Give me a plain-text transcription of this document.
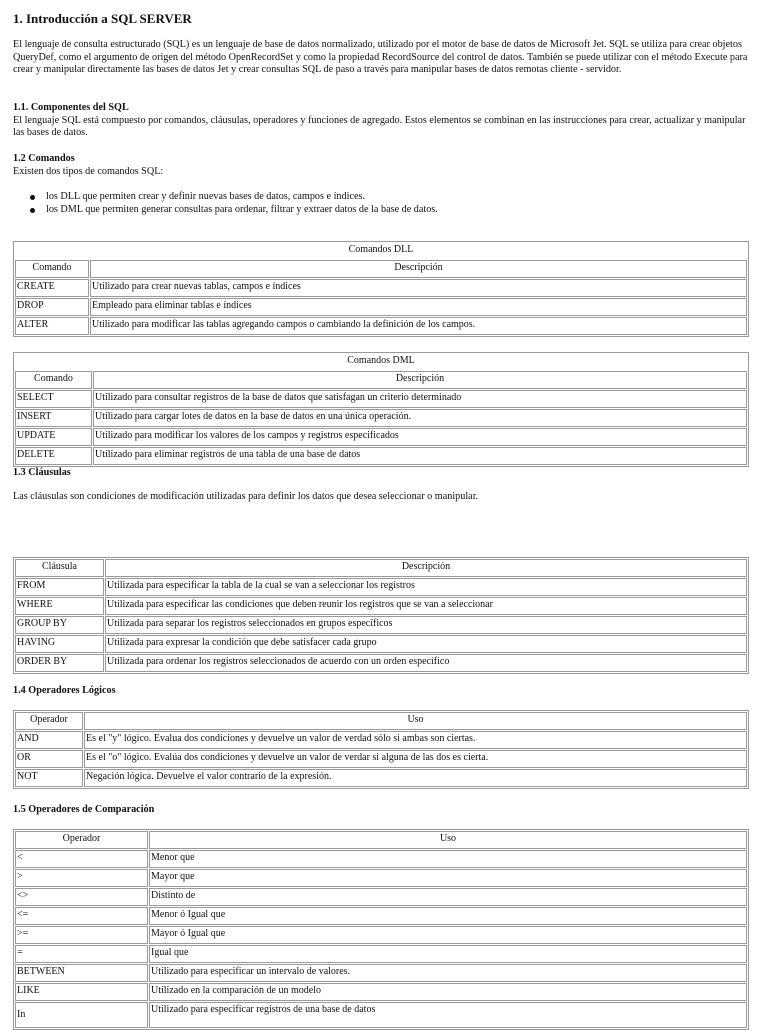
1. Introducción a SQL SERVER

El lenguaje de consulta estructurado (SQL) es un lenguaje de base de datos normalizado, utilizado por el motor de base de datos de Microsoft Jet. SQL se utiliza para crear objetos QueryDef, como el argumento de origen del método OpenRecordSet y como la propiedad RecordSource del control de datos. También se puede utilizar con el método Execute para crear y manipular directamente las bases de datos Jet y crear consultas SQL de paso a través para manipular bases de datos remotas cliente - servidor.

1.1. Componentes del SQL

El lenguaje SQL está compuesto por comandos, cláusulas, operadores y funciones de agregado. Estos elementos se combinan en las instrucciones para crear, actualizar y manipular las bases de datos.

1.2 Comandos

Existen dos tipos de comandos SQL:

los DLL que permiten crear y definir nuevas bases de datos, campos e índices.
los DML que permiten generar consultas para ordenar, filtrar y extraer datos de la base de datos.
Comandos DLL	
Comando	Descripción
CREATE	Utilizado para crear nuevas tablas, campos e índices
DROP	Empleado para eliminar tablas e índices
ALTER	Utilizado para modificar las tablas agregando campos o cambiando la definición de los campos.
Comandos DML	
Comando	Descripción
SELECT	Utilizado para consultar registros de la base de datos que satisfagan un criterio determinado
INSERT	Utilizado para cargar lotes de datos en la base de datos en una única operación.
UPDATE	Utilizado para modificar los valores de los campos y registros especificados
DELETE	Utilizado para eliminar registros de una tabla de una base de datos
1.3 Cláusulas

Las cláusulas son condiciones de modificación utilizadas para definir los datos que desea seleccionar o manipular.

Cláusula	Descripción
FROM	Utilizada para especificar la tabla de la cual se van a seleccionar los registros
WHERE	Utilizada para especificar las condiciones que deben reunir los registros que se van a seleccionar
GROUP BY	Utilizada para separar los registros seleccionados en grupos específicos
HAVING	Utilizada para expresar la condición que debe satisfacer cada grupo
ORDER BY	Utilizada para ordenar los registros seleccionados de acuerdo con un orden específico
1.4 Operadores Lógicos
Operador	Uso
AND	Es el "y" lógico. Evalua dos condiciones y devuelve un valor de verdad sólo si ambas son ciertas.
OR	Es el "o" lógico. Evalúa dos condiciones y devuelve un valor de verdar si alguna de las dos es cierta.
NOT	Negación lógica. Devuelve el valor contrario de la expresión.
1.5 Operadores de Comparación
Operador	Uso
<	Menor que
>	Mayor que
<>	Distinto de
<=	Menor ó Igual que
>=	Mayor ó Igual que
=	Igual que
BETWEEN	Utilizado para especificar un intervalo de valores.
LIKE	Utilizado en la comparación de un modelo
In	Utilizado para especificar registros de una base de datos
